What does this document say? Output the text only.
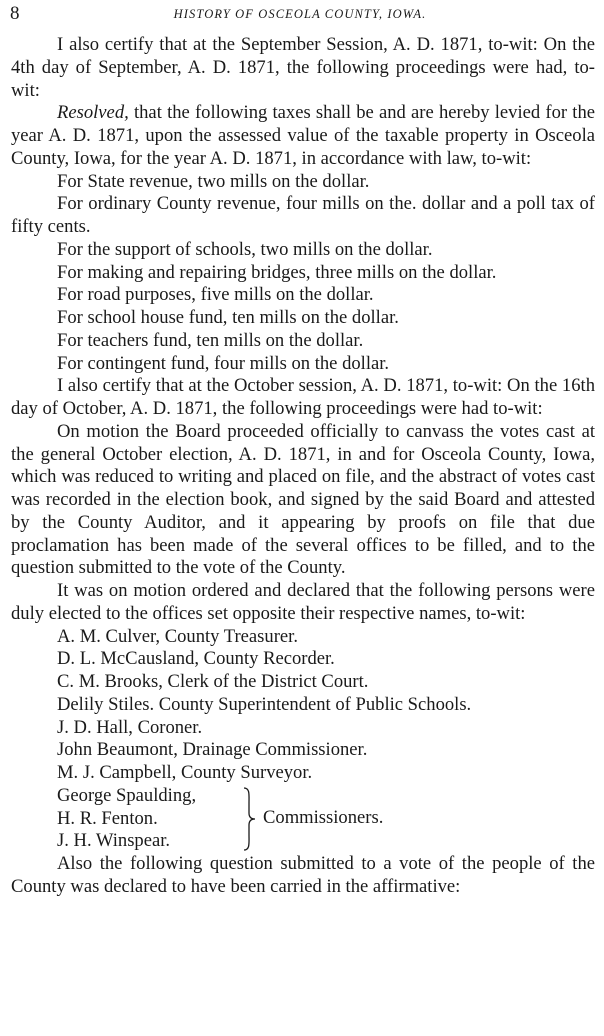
8	HISTORY OF OSCEOLA COUNTY, IOWA.

I also certify that at the September Session, A. D. 1871, to-wit: On the 4th day of September, A. D. 1871, the following proceedings were had, to-wit:

Resolved, that the following taxes shall be and are hereby levied for the year A. D. 1871, upon the assessed value of the taxable property in Osceola County, Iowa, for the year A. D. 1871, in accordance with law, to-wit:

For State revenue, two mills on the dollar.
For ordinary County revenue, four mills on the. dollar and a poll tax of fifty cents.
For the support of schools, two mills on the dollar.
For making and repairing bridges, three mills on the dollar.
For road purposes, five mills on the dollar.
For school house fund, ten mills on the dollar.
For teachers fund, ten mills on the dollar.
For contingent fund, four mills on the dollar.

I also certify that at the October session, A. D. 1871, to-wit: On the 16th day of October, A. D. 1871, the following proceedings were had to-wit:

On motion the Board proceeded officially to canvass the votes cast at the general October election, A. D. 1871, in and for Osceola County, Iowa, which was reduced to writing and placed on file, and the abstract of votes cast was recorded in the election book, and signed by the said Board and attested by the County Auditor, and it appearing by proofs on file that due proclamation has been made of the several offices to be filled, and to the question submitted to the vote of the County.

It was on motion ordered and declared that the following persons were duly elected to the offices set opposite their respective names, to-wit:

A. M. Culver, County Treasurer.
D. L. McCausland, County Recorder.
C. M. Brooks, Clerk of the District Court.
Delily Stiles. County Superintendent of Public Schools.
J. D. Hall, Coroner.
John Beaumont, Drainage Commissioner.
M. J. Campbell, County Surveyor.
George Spaulding,
H. R. Fenton.
J. H. Winspear.
Commissioners.

Also the following question submitted to a vote of the people of the County was declared to have been carried in the affirmative:
